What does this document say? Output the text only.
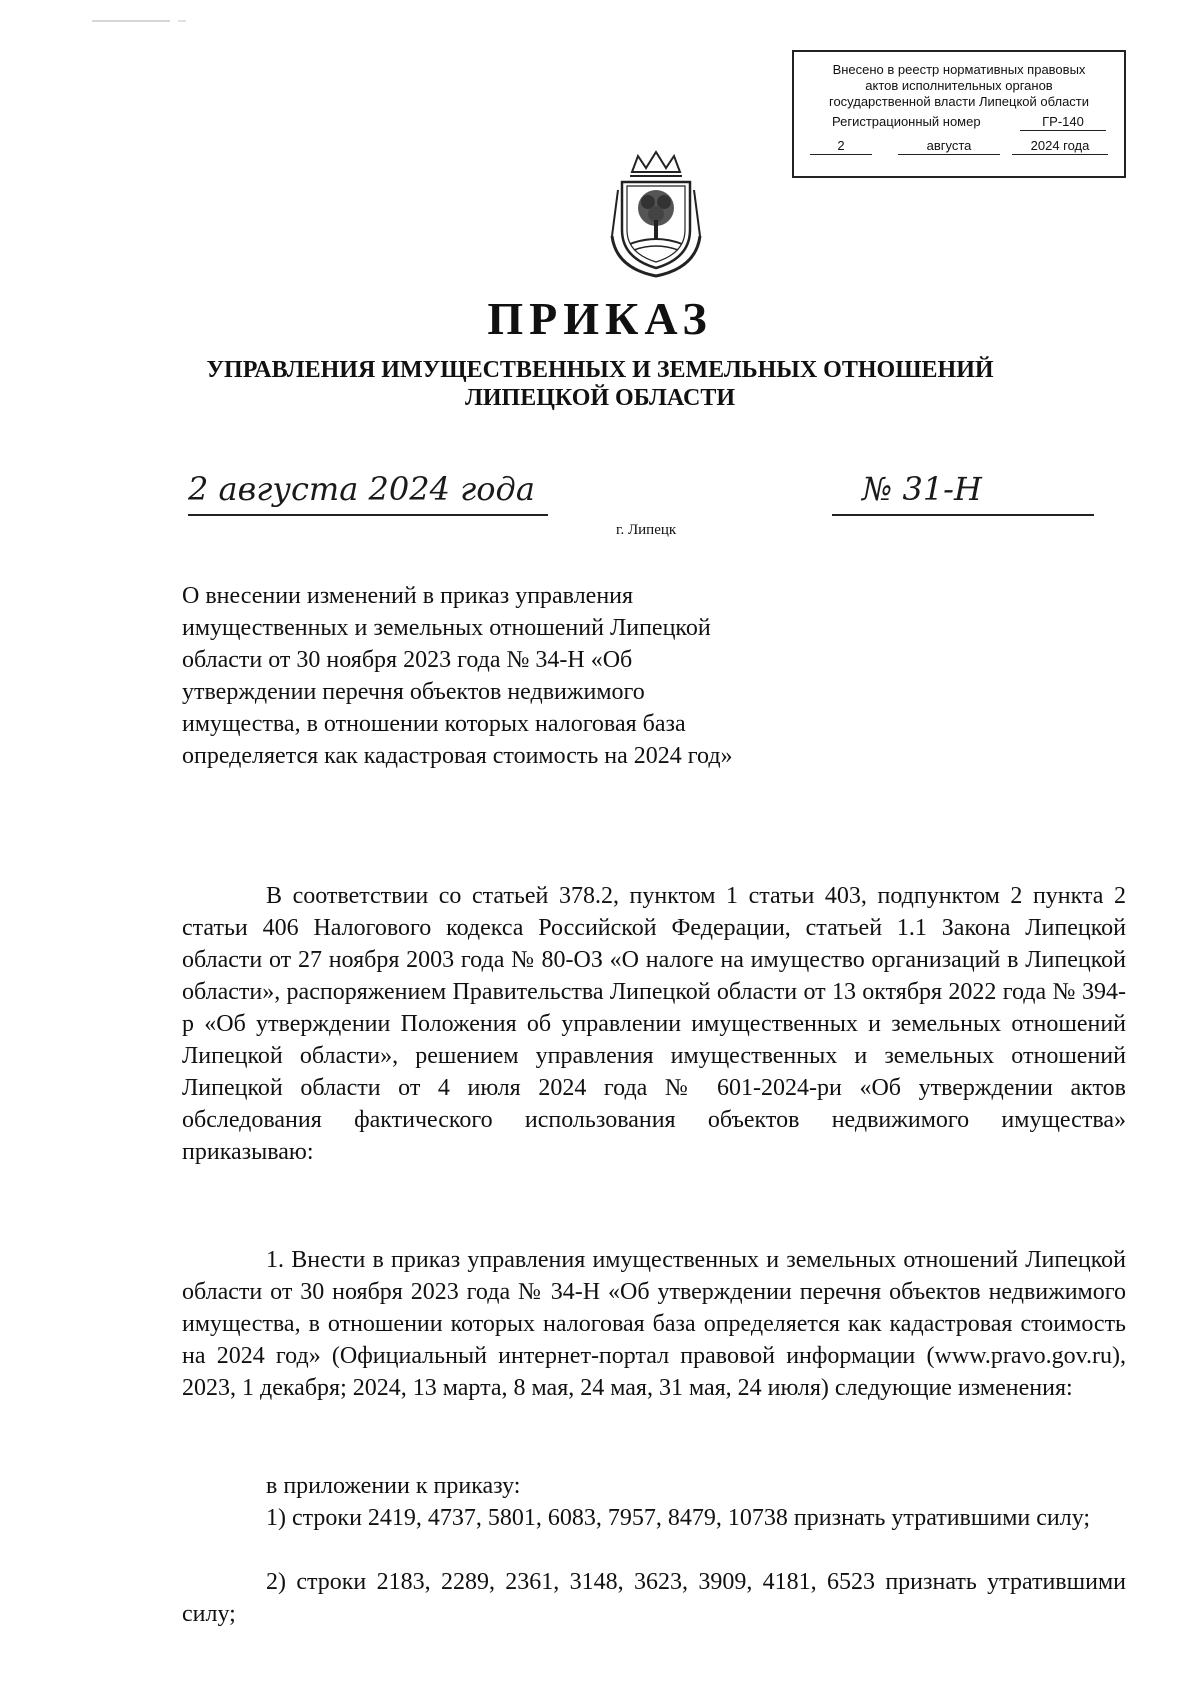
Внесено в реестр нормативных правовых
актов исполнительных органов
государственной власти Липецкой области
Регистрационный номер	ГР-140
2	августа	2024 года
ПРИКАЗ
УПРАВЛЕНИЯ ИМУЩЕСТВЕННЫХ И ЗЕМЕЛЬНЫХ ОТНОШЕНИЙ
ЛИПЕЦКОЙ ОБЛАСТИ
2 августа 2024 года	№ 31-Н
г. Липецк
О внесении изменений в приказ управления имущественных и земельных отношений Липецкой области от 30 ноября 2023 года № 34-Н «Об утверждении перечня объектов недвижимого имущества, в отношении которых налоговая база определяется как кадастровая стоимость на 2024 год»
В соответствии со статьей 378.2, пунктом 1 статьи 403, подпунктом 2 пункта 2 статьи 406 Налогового кодекса Российской Федерации, статьей 1.1 Закона Липецкой области от 27 ноября 2003 года № 80-ОЗ «О налоге на имущество организаций в Липецкой области», распоряжением Правительства Липецкой области от 13 октября 2022 года № 394-р «Об утверждении Положения об управлении имущественных и земельных отношений Липецкой области», решением управления имущественных и земельных отношений Липецкой области от 4 июля 2024 года № 601-2024-ри «Об утверждении актов обследования фактического использования объектов недвижимого имущества» приказываю:
1. Внести в приказ управления имущественных и земельных отношений Липецкой области от 30 ноября 2023 года № 34-Н «Об утверждении перечня объектов недвижимого имущества, в отношении которых налоговая база определяется как кадастровая стоимость на 2024 год» (Официальный интернет-портал правовой информации (www.pravo.gov.ru), 2023, 1 декабря; 2024, 13 марта, 8 мая, 24 мая, 31 мая, 24 июля) следующие изменения:
в приложении к приказу:
1) строки 2419, 4737, 5801, 6083, 7957, 8479, 10738 признать утратившими силу;
2) строки 2183, 2289, 2361, 3148, 3623, 3909, 4181, 6523 признать утратившими силу;
